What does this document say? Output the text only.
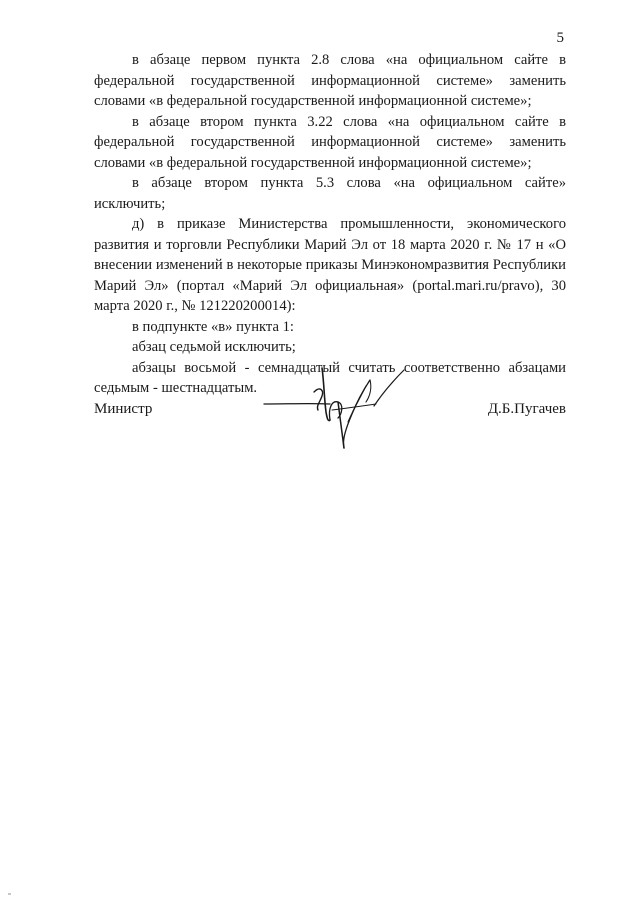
5

в абзаце первом пункта 2.8 слова «на официальном сайте в федеральной государственной информационной системе» заменить словами «в федеральной государственной информационной системе»;

в абзаце втором пункта 3.22 слова «на официальном сайте в федеральной государственной информационной системе» заменить словами «в федеральной государственной информационной системе»;

в абзаце втором пункта 5.3 слова «на официальном сайте» исключить;

д) в приказе Министерства промышленности, экономического развития и торговли Республики Марий Эл от 18 марта 2020 г. № 17 н «О внесении изменений в некоторые приказы Минэкономразвития Республики Марий Эл» (портал «Марий Эл официальная» (portal.mari.ru/pravo), 30 марта 2020 г., № 121220200014):

в подпункте «в» пункта 1:

абзац седьмой исключить;

абзацы восьмой - семнадцатый считать соответственно абзацами седьмым - шестнадцатым.

Министр	Д.Б.Пугачев
